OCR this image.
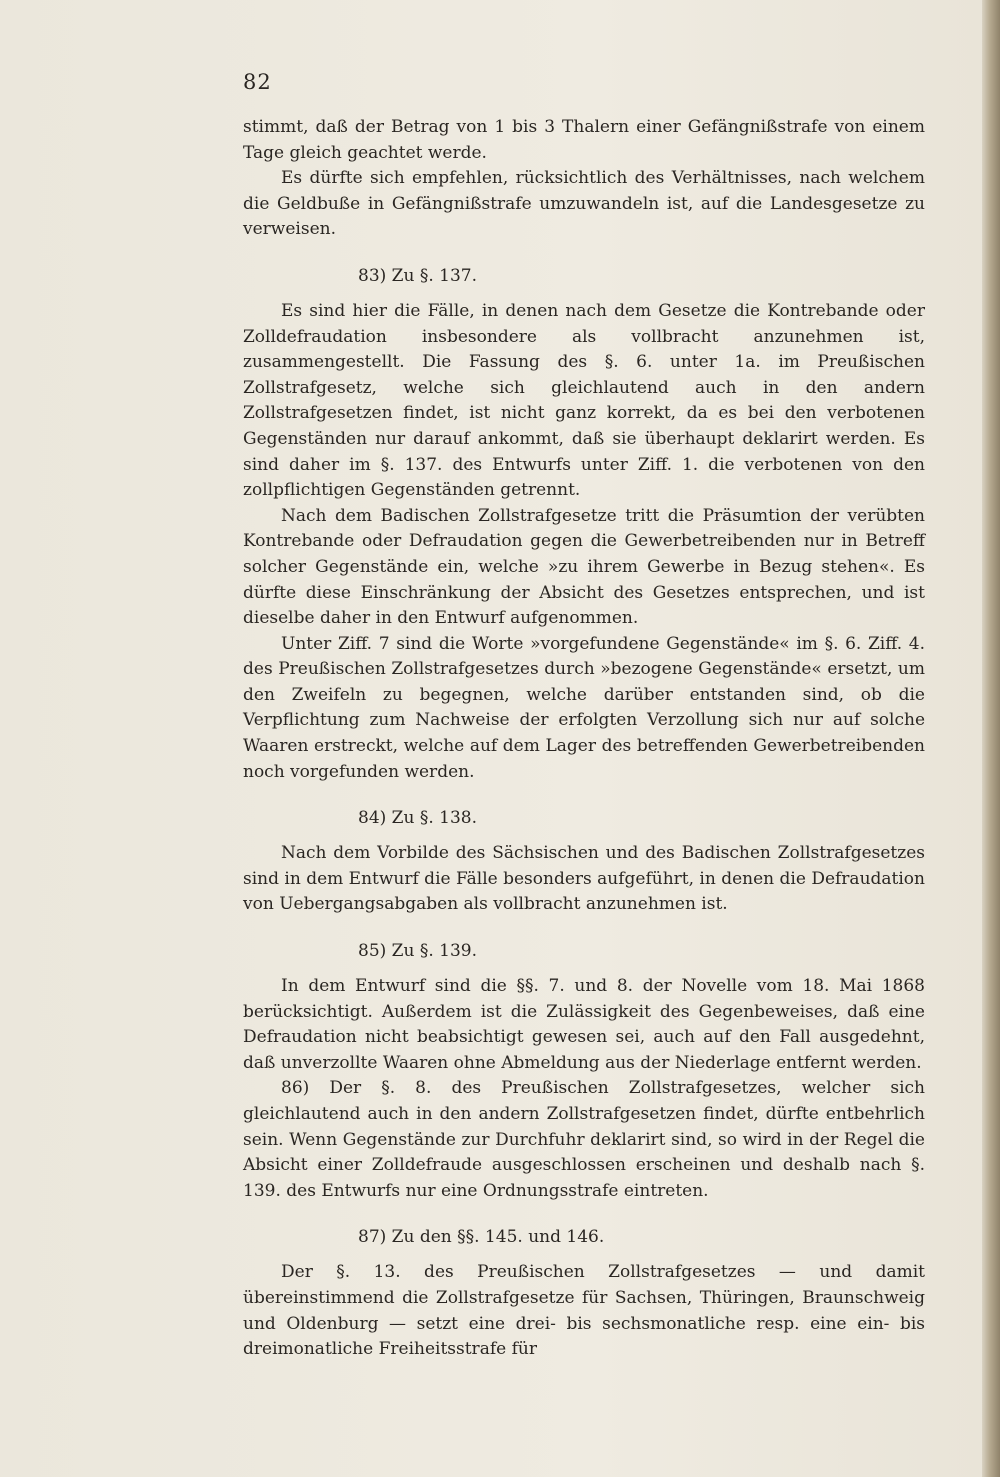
82

stimmt, daß der Betrag von 1 bis 3 Thalern einer Gefängnißstrafe von einem Tage gleich geachtet werde.

Es dürfte sich empfehlen, rücksichtlich des Verhältnisses, nach welchem die Geldbuße in Gefängnißstrafe umzuwandeln ist, auf die Landesgesetze zu verweisen.

83) Zu §. 137.

Es sind hier die Fälle, in denen nach dem Gesetze die Kontrebande oder Zolldefraudation insbesondere als vollbracht anzunehmen ist, zusammengestellt. Die Fassung des §. 6. unter 1a. im Preußischen Zollstrafgesetz, welche sich gleichlautend auch in den andern Zollstrafgesetzen findet, ist nicht ganz korrekt, da es bei den verbotenen Gegenständen nur darauf ankommt, daß sie überhaupt deklarirt werden. Es sind daher im §. 137. des Entwurfs unter Ziff. 1. die verbotenen von den zollpflichtigen Gegenständen getrennt.

Nach dem Badischen Zollstrafgesetze tritt die Präsumtion der verübten Kontrebande oder Defraudation gegen die Gewerbetreibenden nur in Betreff solcher Gegenstände ein, welche »zu ihrem Gewerbe in Bezug stehen«. Es dürfte diese Einschränkung der Absicht des Gesetzes entsprechen, und ist dieselbe daher in den Entwurf aufgenommen.

Unter Ziff. 7 sind die Worte »vorgefundene Gegenstände« im §. 6. Ziff. 4. des Preußischen Zollstrafgesetzes durch »bezogene Gegenstände« ersetzt, um den Zweifeln zu begegnen, welche darüber entstanden sind, ob die Verpflichtung zum Nachweise der erfolgten Verzollung sich nur auf solche Waaren erstreckt, welche auf dem Lager des betreffenden Gewerbetreibenden noch vorgefunden werden.

84) Zu §. 138.

Nach dem Vorbilde des Sächsischen und des Badischen Zollstrafgesetzes sind in dem Entwurf die Fälle besonders aufgeführt, in denen die Defraudation von Uebergangsabgaben als vollbracht anzunehmen ist.

85) Zu §. 139.

In dem Entwurf sind die §§. 7. und 8. der Novelle vom 18. Mai 1868 berücksichtigt. Außerdem ist die Zulässigkeit des Gegenbeweises, daß eine Defraudation nicht beabsichtigt gewesen sei, auch auf den Fall ausgedehnt, daß unverzollte Waaren ohne Abmeldung aus der Niederlage entfernt werden.

86) Der §. 8. des Preußischen Zollstrafgesetzes, welcher sich gleichlautend auch in den andern Zollstrafgesetzen findet, dürfte entbehrlich sein. Wenn Gegenstände zur Durchfuhr deklarirt sind, so wird in der Regel die Absicht einer Zolldefraude ausgeschlossen erscheinen und deshalb nach §. 139. des Entwurfs nur eine Ordnungsstrafe eintreten.

87) Zu den §§. 145. und 146.

Der §. 13. des Preußischen Zollstrafgesetzes — und damit übereinstimmend die Zollstrafgesetze für Sachsen, Thüringen, Braunschweig und Oldenburg — setzt eine drei- bis sechsmonatliche resp. eine ein- bis dreimonatliche Freiheitsstrafe für
